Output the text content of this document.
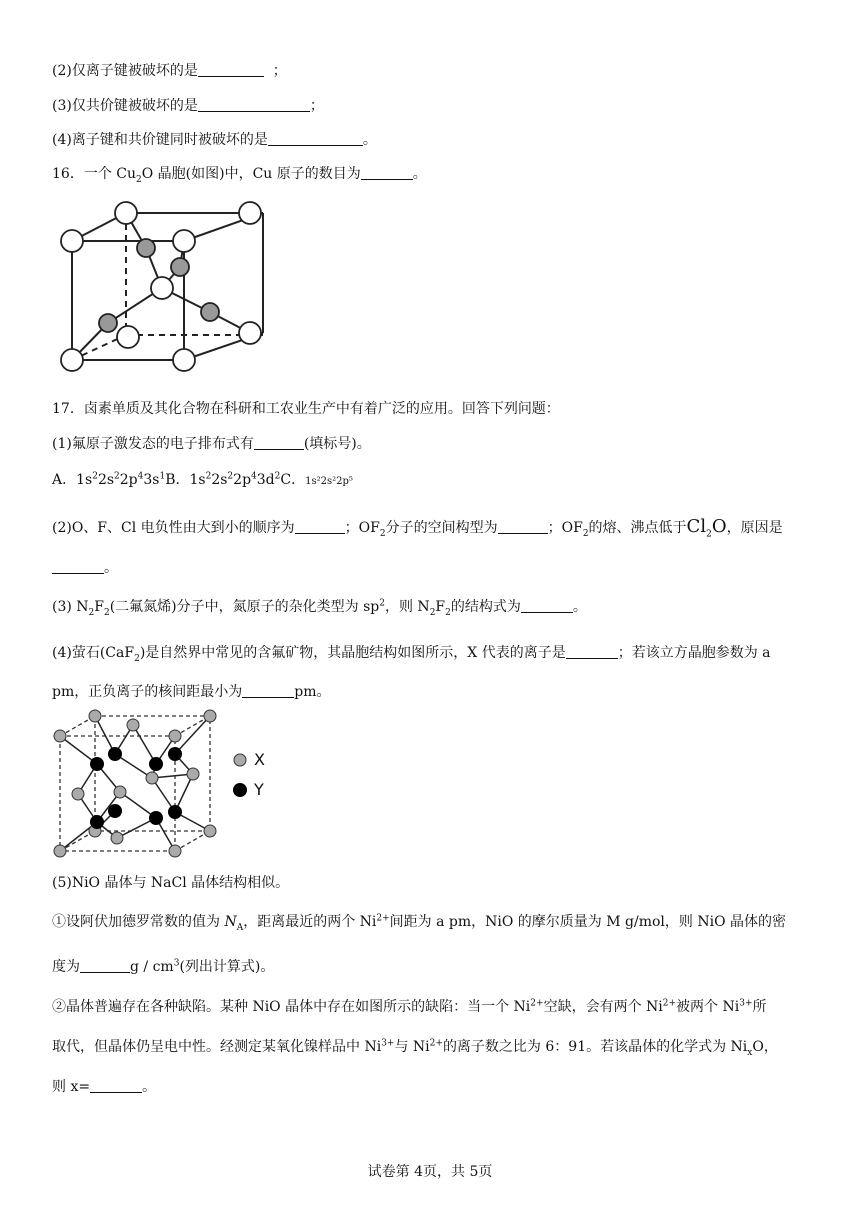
(2)仅离子键被破坏的是	；
(3)仅共价键被破坏的是	；
(4)离子键和共价键同时被破坏的是	。
16．一个 $Cu_2O$ 晶胞(如图)中，Cu 原子的数目为	。
17．卤素单质及其化合物在科研和工农业生产中有着广泛的应用。回答下列问题：
(1)氟原子激发态的电子排布式有	(填标号)。
A．$1s^22s^22p^43s^1B$．$1s^22s^22p^43d^2C$．1s²2s²2p⁵
(2)O、F、Cl 电负性由大到小的顺序为	；$OF_2$分子的空间构型为	；$OF_2$的熔、沸点低于$Cl_2O$，原因是
。
(3) $N_2F_2$(二氟氮烯)分子中，氮原子的杂化类型为 $sp^2$，则 $N_2F_2$的结构式为	。
(4)萤石(CaF$_2$)是自然界中常见的含氟矿物，其晶胞结构如图所示，X 代表的离子是	；若该立方晶胞参数为 a
pm，正负离子的核间距最小为	pm。
X
Y
(5)NiO 晶体与 NaCl 晶体结构相似。
①设阿伏加德罗常数的值为 $N_A$，距离最近的两个 $Ni^{2+}$间距为 a pm，NiO 的摩尔质量为 M g/mol，则 NiO 晶体的密
度为	g / $cm^3$(列出计算式)。
②晶体普遍存在各种缺陷。某种 NiO 晶体中存在如图所示的缺陷：当一个 $Ni^{2+}$空缺，会有两个 $Ni^{2+}$被两个 $Ni^{3+}$所
取代，但晶体仍呈电中性。经测定某氧化镍样品中 $Ni^{3+}$与 $Ni^{2+}$的离子数之比为 6：91。若该晶体的化学式为 $Ni_xO$，
则 x=	。
试卷第 4页，共 5页
